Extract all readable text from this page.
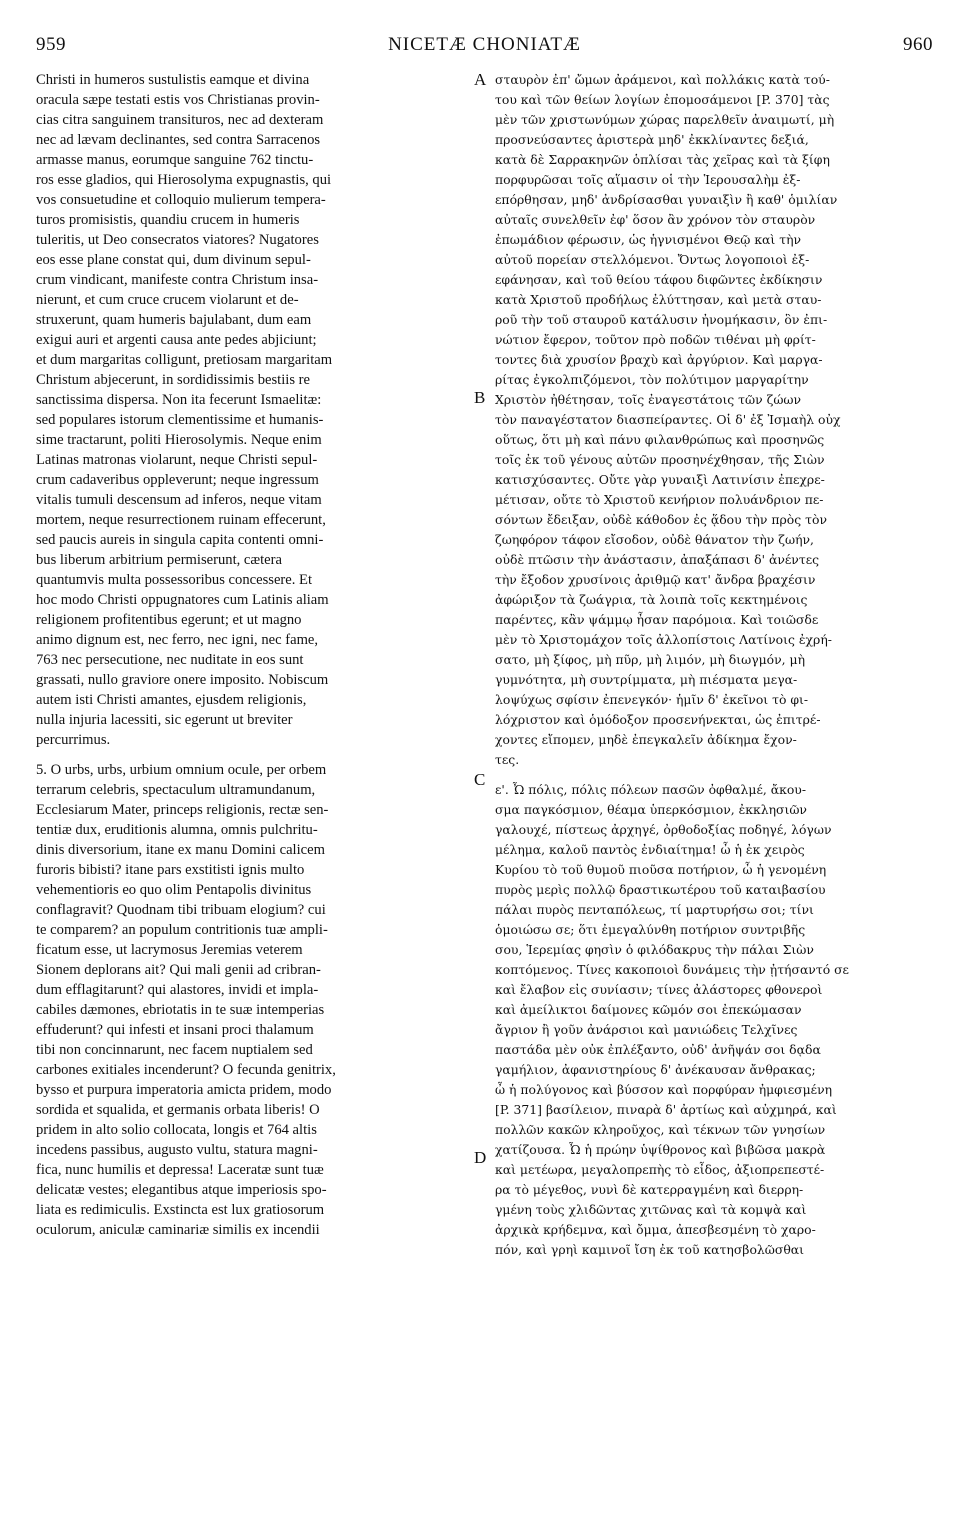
959	NICETÆ CHONIATÆ	960
Christi in humeros sustulistis eamque et divina
oracula sæpe testati estis vos Christianas provin-
cias citra sanguinem transituros, nec ad dexteram
nec ad lævam declinantes, sed contra Sarracenos
armasse manus, eorumque sanguine 762 tinctu-
ros esse gladios, qui Hierosolyma expugnastis, qui
vos consuetudine et colloquio mulierum tempera-
turos promisistis, quandiu crucem in humeris
tuleritis, ut Deo consecratos viatores? Nugatores
eos esse plane constat qui, dum divinum sepul-
crum vindicant, manifeste contra Christum insa-
nierunt, et cum cruce crucem violarunt et de-
struxerunt, quam humeris bajulabant, dum eam
exigui auri et argenti causa ante pedes abjiciunt;
et dum margaritas colligunt, pretiosam margaritam
Christum abjecerunt, in sordidissimis bestiis re
sanctissima dispersa. Non ita fecerunt Ismaelitæ:
sed populares istorum clementissime et humanis-
sime tractarunt, politi Hierosolymis. Neque enim
Latinas matronas violarunt, neque Christi sepul-
crum cadaveribus oppleverunt; neque ingressum
vitalis tumuli descensum ad inferos, neque vitam
mortem, neque resurrectionem ruinam effecerunt,
sed paucis aureis in singula capita contenti omni-
bus liberum arbitrium permiserunt, cætera
quantumvis multa possessoribus concessere. Et
hoc modo Christi oppugnatores cum Latinis aliam
religionem profitentibus egerunt; et ut magno
animo dignum est, nec ferro, nec igni, nec fame,
763 nec persecutione, nec nuditate in eos sunt
grassati, nullo graviore onere imposito. Nobiscum
autem isti Christi amantes, ejusdem religionis,
nulla injuria lacessiti, sic egerunt ut breviter
percurrimus.
5. O urbs, urbs, urbium omnium ocule, per orbem
terrarum celebris, spectaculum ultramundanum,
Ecclesiarum Mater, princeps religionis, rectæ sen-
tentiæ dux, eruditionis alumna, omnis pulchritu-
dinis diversorium, itane ex manu Domini calicem
furoris bibisti? itane pars exstitisti ignis multo
vehementioris eo quo olim Pentapolis divinitus
conflagravit? Quodnam tibi tribuam elogium? cui
te comparem? an populum contritionis tuæ ampli-
ficatum esse, ut lacrymosus Jeremias veterem
Sionem deplorans ait? Qui mali genii ad cribran-
dum efflagitarunt? qui alastores, invidi et impla-
cabiles dæmones, ebriotatis in te suæ intemperias
effuderunt? qui infesti et insani proci thalamum
tibi non concinnarunt, nec facem nuptialem sed
carbones exitiales incenderunt? O fecunda genitrix,
bysso et purpura imperatoria amicta pridem, modo
sordida et squalida, et germanis orbata liberis! O
pridem in alto solio collocata, longis et 764 altis
incedens passibus, augusto vultu, statura magni-
fica, nunc humilis et depressa! Laceratæ sunt tuæ
delicatæ vestes; elegantibus atque imperiosis spo-
liata es redimiculis. Exstincta est lux gratiosorum
oculorum, aniculæ caminariæ similis ex incendii
σταυρὸν ἐπ' ὤμων ἀράμενοι, καὶ πολλάκις κατὰ τού-
του καὶ τῶν θείων λογίων ἐπομοσάμενοι [P. 370] τὰς
μὲν τῶν χριστωνύμων χώρας παρελθεῖν ἀναιμωτί, μὴ
προσνεύσαντες ἀριστερὰ μηδ' ἐκκλίναντες δεξιά,
κατὰ δὲ Σαρρακηνῶν ὁπλίσαι τὰς χεῖρας καὶ τὰ ξίφη
πορφυρῶσαι τοῖς αἵμασιν οἱ τὴν Ἱερουσαλὴμ ἐξ-
επόρθησαν, μηδ' ἀνδρίσασθαι γυναιξὶν ἢ καθ' ὁμιλίαν
αὐταῖς συνελθεῖν ἐφ' ὅσον ἂν χρόνον τὸν σταυρὸν
ἐπωμάδιον φέρωσιν, ὡς ἡγνισμένοι Θεῷ καὶ τὴν
αὐτοῦ πορείαν στελλόμενοι. Ὄντως λογοποιοὶ ἐξ-
εφάνησαν, καὶ τοῦ θείου τάφου διφῶντες ἐκδίκησιν
κατὰ Χριστοῦ προδήλως ἐλύττησαν, καὶ μετὰ σταυ-
ροῦ τὴν τοῦ σταυροῦ κατάλυσιν ἠνομήκασιν, ὃν ἐπι-
νώτιον ἔφερον, τοῦτον πρὸ ποδῶν τιθέναι μὴ φρίτ-
τοντες διὰ χρυσίον βραχὺ καὶ ἀργύριον. Καὶ μαργα-
ρίτας ἐγκολπιζόμενοι, τὸν πολύτιμον μαργαρίτην
Χριστὸν ἠθέτησαν, τοῖς ἐναγεστάτοις τῶν ζώων
τὸν παναγέστατον διασπείραντες. Οἱ δ' ἐξ Ἰσμαὴλ οὐχ
οὕτως, ὅτι μὴ καὶ πάνυ φιλανθρώπως καὶ προσηνῶς
τοῖς ἐκ τοῦ γένους αὐτῶν προσηνέχθησαν, τῆς Σιὼν
κατισχύσαντες. Οὔτε γὰρ γυναιξὶ Λατινίσιν ἐπεχρε-
μέτισαν, οὔτε τὸ Χριστοῦ κενήριον πολυάνδριον πε-
σόντων ἔδειξαν, οὐδὲ κάθοδον ἐς ᾅδου τὴν πρὸς τὸν
ζωηφόρον τάφον εἴσοδον, οὐδὲ θάνατον τὴν ζωήν,
οὐδὲ πτῶσιν τὴν ἀνάστασιν, ἀπαξάπασι δ' ἀνέντες
τὴν ἔξοδον χρυσίνοις ἀριθμῷ κατ' ἄνδρα βραχέσιν
ἀφώριξον τὰ ζωάγρια, τὰ λοιπὰ τοῖς κεκτημένοις
παρέντες, κἂν ψάμμῳ ἦσαν παρόμοια. Καὶ τοιῶσδε
μὲν τὸ Χριστομάχον τοῖς ἀλλοπίστοις Λατίνοις ἐχρή-
σατο, μὴ ξίφος, μὴ πῦρ, μὴ λιμόν, μὴ διωγμόν, μὴ
γυμνότητα, μὴ συντρίμματα, μὴ πιέσματα μεγα-
λοψύχως σφίσιν ἐπενεγκόν· ἡμῖν δ' ἐκεῖνοι τὸ φι-
λόχριστον καὶ ὁμόδοξον προσενήνεκται, ὡς ἐπιτρέ-
χοντες εἴπομεν, μηδὲ ἐπεγκαλεῖν ἀδίκημα ἔχον-
τες.
ε'. Ὦ πόλις, πόλις πόλεων πασῶν ὀφθαλμέ, ἄκου-
σμα παγκόσμιον, θέαμα ὑπερκόσμιον, ἐκκλησιῶν
γαλουχέ, πίστεως ἀρχηγέ, ὀρθοδοξίας ποδηγέ, λόγων
μέλημα, καλοῦ παντὸς ἐνδιαίτημα! ὦ ἡ ἐκ χειρὸς
Κυρίου τὸ τοῦ θυμοῦ πιοῦσα ποτήριον, ὦ ἡ γενομένη
πυρὸς μερὶς πολλῷ δραστικωτέρου τοῦ καταιβασίου
πάλαι πυρὸς πενταπόλεως, τί μαρτυρήσω σοι; τίνι
ὁμοιώσω σε; ὅτι ἐμεγαλύνθη ποτήριον συντριβῆς
σου, Ἱερεμίας φησὶν ὁ φιλόδακρυς τὴν πάλαι Σιὼν
κοπτόμενος. Τίνες κακοποιοὶ δυνάμεις τὴν ᾐτήσαντό σε
καὶ ἔλαβον εἰς συνίασιν; τίνες ἀλάστορες φθονεροὶ
καὶ ἀμείλικτοι δαίμονες κῶμόν σοι ἐπεκώμασαν
ἄγριον ἢ γοῦν ἀνάρσιοι καὶ μανιώδεις Τελχῖνες
παστάδα μὲν οὐκ ἐπλέξαντο, οὐδ' ἀνῆψάν σοι δᾳδα
γαμήλιον, ἀφανιστηρίους δ' ἀνέκαυσαν ἄνθρακας;
ὦ ἡ πολύγονος καὶ βύσσον καὶ πορφύραν ἠμφιεσμένη
[P. 371] βασίλειον, πιναρὰ δ' ἀρτίως καὶ αὐχμηρά, καὶ
πολλῶν κακῶν κληροῦχος, καὶ τέκνων τῶν γνησίων
χατίζουσα. Ὦ ἡ πρώην ὑψίθρονος καὶ βιβῶσα μακρὰ
καὶ μετέωρα, μεγαλοπρεπὴς τὸ εἶδος, ἀξιοπρεπεστέ-
ρα τὸ μέγεθος, νυνὶ δὲ κατερραγμένη καὶ διερρη-
γμένη τοὺς χλιδῶντας χιτῶνας καὶ τὰ κομψὰ καὶ
ἀρχικὰ κρήδεμνα, καὶ ὄμμα, ἀπεσβεσμένη τὸ χαρο-
πόν, καὶ γρηὶ καμινοῖ ἴση ἐκ τοῦ κατησβολῶσθαι
A
B
C
D
